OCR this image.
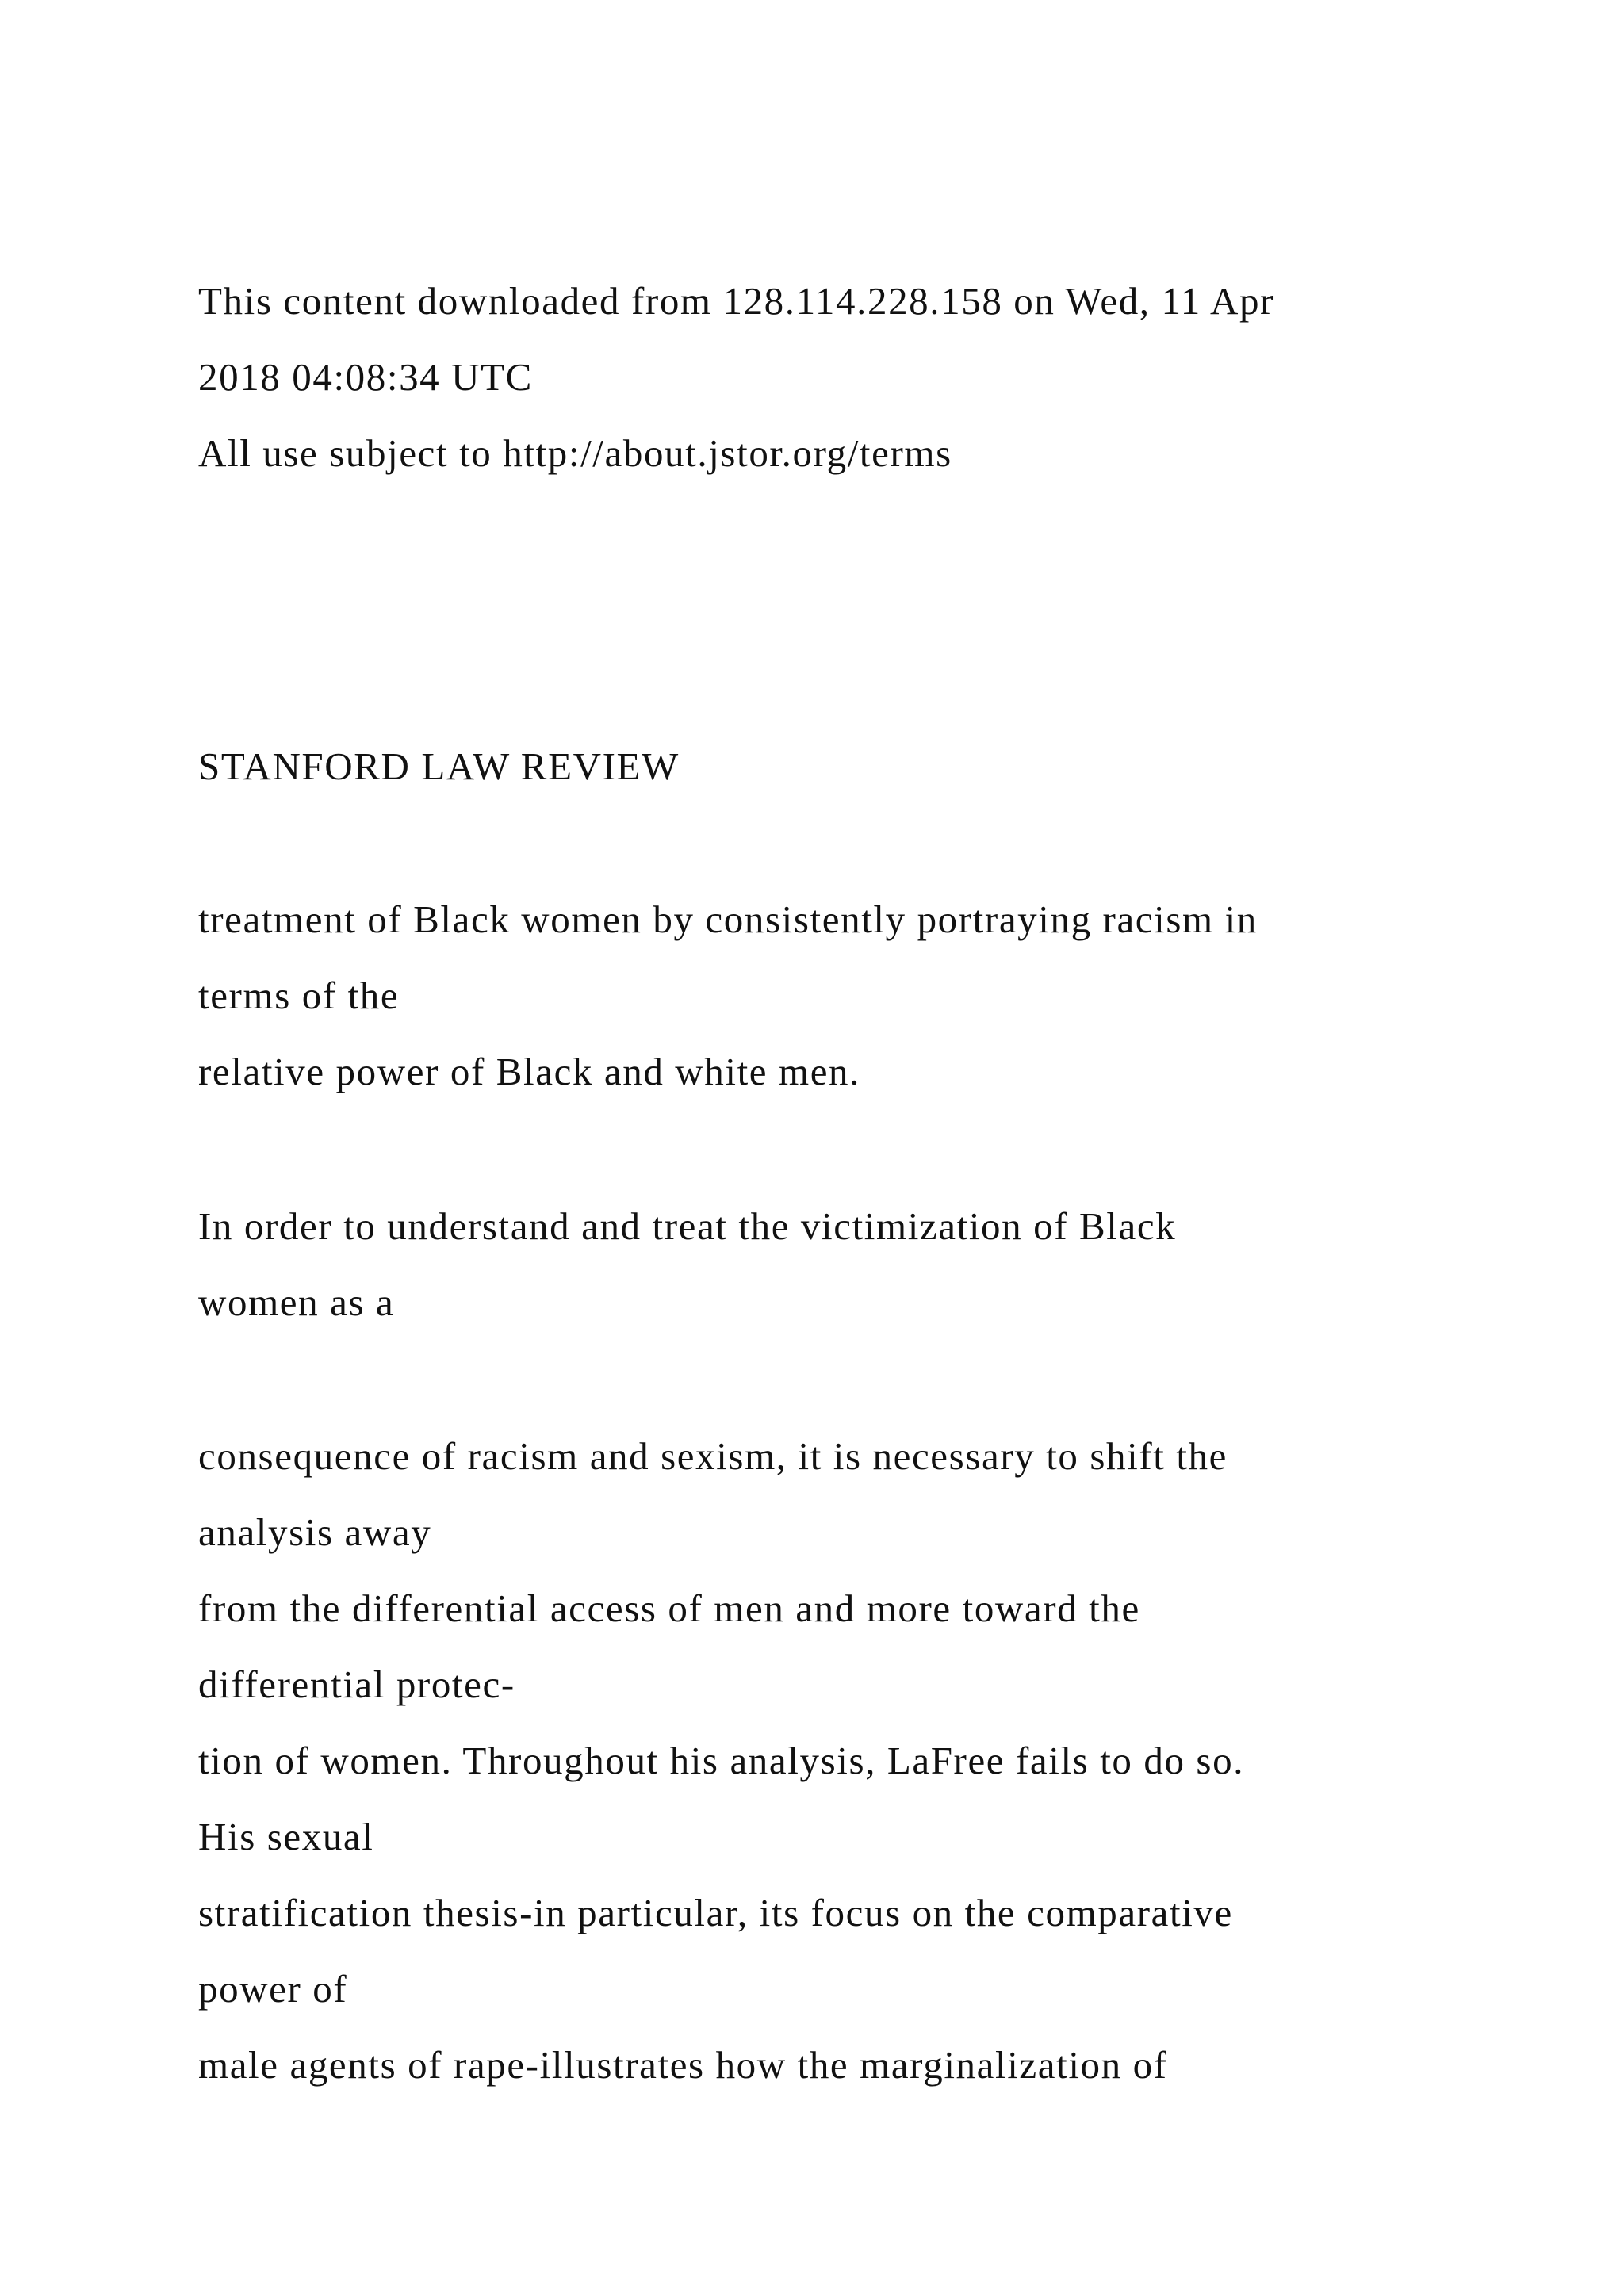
This content downloaded from 128.114.228.158 on Wed, 11 Apr

2018 04:08:34 UTC

All use subject to http://about.jstor.org/terms

STANFORD LAW REVIEW

treatment of Black women by consistently portraying racism in

terms of the

relative power of Black and white men.

In order to understand and treat the victimization of Black

women as a

consequence of racism and sexism, it is necessary to shift the

analysis away

from the differential access of men and more toward the

differential protec-

tion of women. Throughout his analysis, LaFree fails to do so.

His sexual

stratification thesis-in particular, its focus on the comparative

power of

male agents of rape-illustrates how the marginalization of
